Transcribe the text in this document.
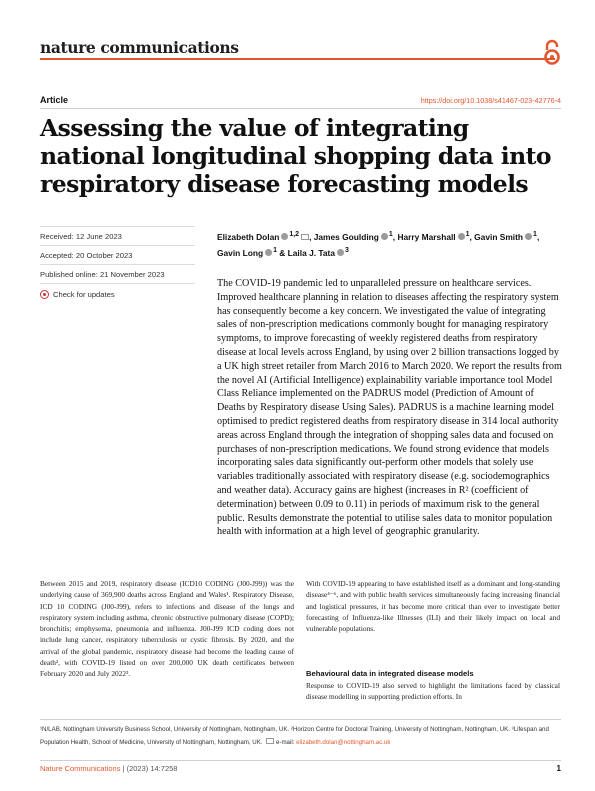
nature communications
Article	https://doi.org/10.1038/s41467-023-42776-4
Assessing the value of integrating national longitudinal shopping data into respiratory disease forecasting models
Received: 12 June 2023
Accepted: 20 October 2023
Published online: 21 November 2023
Check for updates
Elizabeth Dolan $^{1,2}$ , James Goulding $^1$, Harry Marshall $^1$, Gavin Smith $^1$,
Gavin Long $^1$ & Laila J. Tata $^3$

The COVID-19 pandemic led to unparalleled pressure on healthcare services. Improved healthcare planning in relation to diseases affecting the respiratory system has consequently become a key concern. We investigated the value of integrating sales of non-prescription medications commonly bought for managing respiratory symptoms, to improve forecasting of weekly registered deaths from respiratory disease at local levels across England, by using over 2 billion transactions logged by a UK high street retailer from March 2016 to March 2020. We report the results from the novel AI (Artificial Intelligence) explainability variable importance tool Model Class Reliance implemented on the PADRUS model (Prediction of Amount of Deaths by Respiratory disease Using Sales). PADRUS is a machine learning model optimised to predict registered deaths from respiratory disease in 314 local authority areas across England through the integration of shopping sales data and focused on purchases of non-prescription medications. We found strong evidence that models incorporating sales data significantly out-perform other models that solely use variables traditionally associated with respiratory disease (e.g. sociodemographics and weather data). Accuracy gains are highest (increases in R² (coefficient of determination) between 0.09 to 0.11) in periods of maximum risk to the general public. Results demonstrate the potential to utilise sales data to monitor population health with information at a high level of geographic granularity.

Between 2015 and 2019, respiratory disease (ICD10 CODING (J00-J99)) was the underlying cause of 369,900 deaths across England and Wales¹. Respiratory Disease, ICD 10 CODING (J00-J99), refers to infections and disease of the lungs and respiratory system including asthma, chronic obstructive pulmonary disease (COPD); bronchitis; emphysema, pneumonia and influenza. J00-J99 ICD coding does not include lung cancer, respiratory tuberculosis or cystic fibrosis. By 2020, and the arrival of the global pandemic, respiratory disease had become the leading cause of death², with COVID-19 listed on over 200,000 UK death certificates between February 2020 and July 2022³.

With COVID-19 appearing to have established itself as a dominant and long-standing disease⁴⁻⁶, and with public health services simultaneously facing increasing financial and logistical pressures, it has become more critical than ever to investigate better forecasting of Influenza-like Illnesses (ILI) and their likely impact on local and vulnerable populations.

Behavioural data in integrated disease models

Response to COVID-19 also served to highlight the limitations faced by classical disease modelling in supporting prediction efforts. In

¹N/LAB, Nottingham University Business School, University of Nottingham, Nottingham, UK. ²Horizon Centre for Doctoral Training, University of Nottingham, Nottingham, UK. ³Lifespan and Population Health, School of Medicine, University of Nottingham, Nottingham, UK. e-mail: elizabeth.dolan@nottingham.ac.uk

Nature Communications | (2023) 14:7258	1
